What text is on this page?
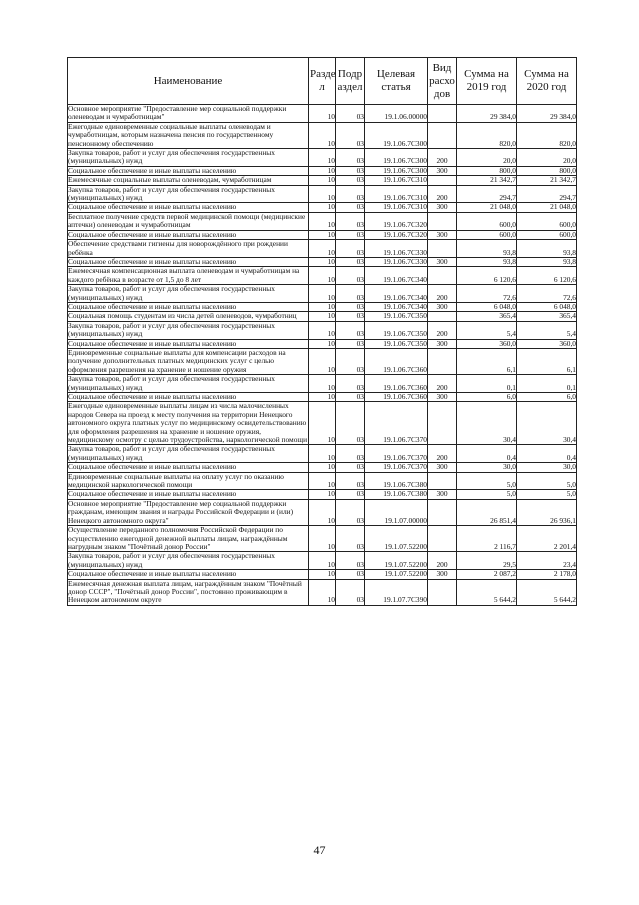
Наименование	Разде л	Подр аздел	Целевая статья	Вид расхо дов	Сумма на 2019 год	Сумма на 2020 год
Основное мероприятие "Предоставление мер социальной поддержки оленеводам и чумработницам"	10	03	19.1.06.00000		29 384,0	29 384,0
Ежегодные единовременные социальные выплаты оленеводам и чумработницам, которым назначена пенсия по государственному пенсионному обеспечению	10	03	19.1.06.7С300		820,0	820,0
Закупка товаров, работ и услуг для обеспечения государственных (муниципальных) нужд	10	03	19.1.06.7С300	200	20,0	20,0
Социальное обеспечение и иные выплаты населению	10	03	19.1.06.7С300	300	800,0	800,0
Ежемесячные социальные выплаты оленеводам, чумработницам	10	03	19.1.06.7С310		21 342,7	21 342,7
Закупка товаров, работ и услуг для обеспечения государственных (муниципальных) нужд	10	03	19.1.06.7С310	200	294,7	294,7
Социальное обеспечение и иные выплаты населению	10	03	19.1.06.7С310	300	21 048,0	21 048,0
Бесплатное получение средств первой медицинской помощи (медицинские аптечки) оленеводам и чумработницам	10	03	19.1.06.7С320		600,0	600,0
Социальное обеспечение и иные выплаты населению	10	03	19.1.06.7С320	300	600,0	600,0
Обеспечение средствами гигиены для новорождённого при рождении ребёнка	10	03	19.1.06.7С330		93,8	93,8
Социальное обеспечение и иные выплаты населению	10	03	19.1.06.7С330	300	93,8	93,8
Ежемесячная компенсационная выплата оленеводам и чумработницам на каждого ребёнка в возрасте от 1,5 до 8 лет	10	03	19.1.06.7С340		6 120,6	6 120,6
Закупка товаров, работ и услуг для обеспечения государственных (муниципальных) нужд	10	03	19.1.06.7С340	200	72,6	72,6
Социальное обеспечение и иные выплаты населению	10	03	19.1.06.7С340	300	6 048,0	6 048,0
Социальная помощь студентам из числа детей оленеводов, чумработниц	10	03	19.1.06.7С350		365,4	365,4
Закупка товаров, работ и услуг для обеспечения государственных (муниципальных) нужд	10	03	19.1.06.7С350	200	5,4	5,4
Социальное обеспечение и иные выплаты населению	10	03	19.1.06.7С350	300	360,0	360,0
Единовременные социальные выплаты для компенсации расходов на получение дополнительных платных медицинских услуг с целью оформления разрешения на хранение и ношение оружия	10	03	19.1.06.7С360		6,1	6,1
Закупка товаров, работ и услуг для обеспечения государственных (муниципальных) нужд	10	03	19.1.06.7С360	200	0,1	0,1
Социальное обеспечение и иные выплаты населению	10	03	19.1.06.7С360	300	6,0	6,0
Ежегодные единовременные выплаты лицам из числа малочисленных народов Севера на проезд к месту получения на территории Ненецкого автономного округа платных услуг по медицинскому освидетельствованию для оформления разрешения на хранение и ношение оружия, медицинскому осмотру с целью трудоустройства, наркологической помощи	10	03	19.1.06.7С370		30,4	30,4
Закупка товаров, работ и услуг для обеспечения государственных (муниципальных) нужд	10	03	19.1.06.7С370	200	0,4	0,4
Социальное обеспечение и иные выплаты населению	10	03	19.1.06.7С370	300	30,0	30,0
Единовременные социальные выплаты на оплату услуг по оказанию медицинской наркологической помощи	10	03	19.1.06.7С380		5,0	5,0
Социальное обеспечение и иные выплаты населению	10	03	19.1.06.7С380	300	5,0	5,0
Основное мероприятие "Предоставление мер социальной поддержки гражданам, имеющим звания и награды Российской Федерации и (или) Ненецкого автономного округа"	10	03	19.1.07.00000		26 851,4	26 936,1
Осуществление переданного полномочия Российской Федерации по осуществлению ежегодной денежной выплаты лицам, награждённым нагрудным знаком "Почётный донор России"	10	03	19.1.07.52200		2 116,7	2 201,4
Закупка товаров, работ и услуг для обеспечения государственных (муниципальных) нужд	10	03	19.1.07.52200	200	29,5	23,4
Социальное обеспечение и иные выплаты населению	10	03	19.1.07.52200	300	2 087,2	2 178,0
Ежемесячная денежная выплата лицам, награждённым знаком "Почётный донор СССР", "Почётный донор России", постоянно проживающим в Ненецком автономном округе	10	03	19.1.07.7С390		5 644,2	5 644,2
47
